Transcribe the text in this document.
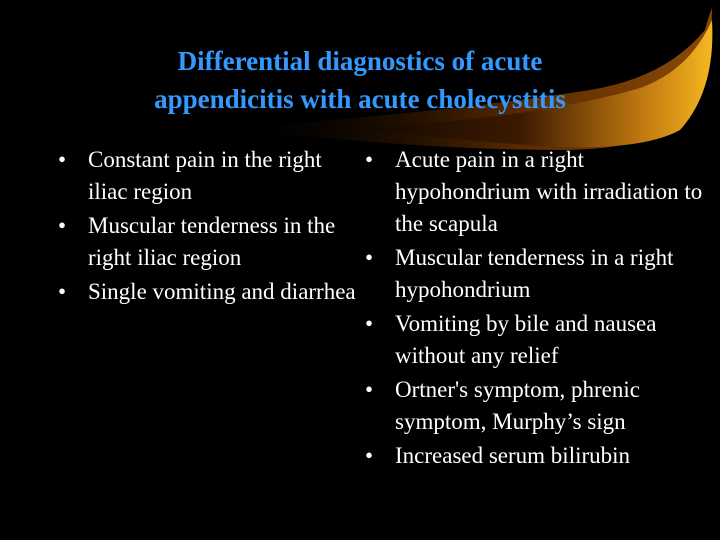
Differential diagnostics of acute
appendicitis with acute cholecystitis
• Constant pain in the right iliac region
• Muscular tenderness in the right iliac region
• Single vomiting and diarrhea
• Acute pain in a right hypohondrium with irradiation to the scapula
• Muscular tenderness in a right hypohondrium
• Vomiting by bile and nausea without any relief
• Ortner's symptom, phrenic symptom, Murphy’s sign
• Increased serum bilirubin
